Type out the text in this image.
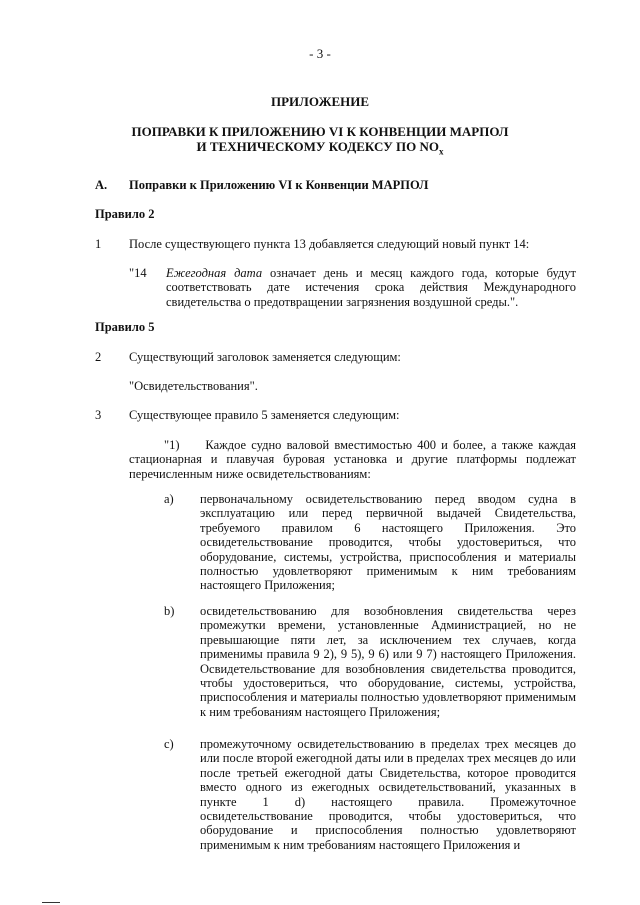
- 3 -
ПРИЛОЖЕНИЕ
ПОПРАВКИ К ПРИЛОЖЕНИЮ VI К КОНВЕНЦИИ МАРПОЛ
И ТЕХНИЧЕСКОМУ КОДЕКСУ ПО $NO_x$
A. Поправки к Приложению VI к Конвенции МАРПОЛ
Правило 2
1 После существующего пункта 13 добавляется следующий новый пункт 14:
"14 Ежегодная дата означает день и месяц каждого года, которые будут соответствовать дате истечения срока действия Международного свидетельства о предотвращении загрязнения воздушной среды.".
Правило 5
2 Существующий заголовок заменяется следующим:
"Освидетельствования".
3 Существующее правило 5 заменяется следующим:
"1) Каждое судно валовой вместимостью 400 и более, а также каждая стационарная и плавучая буровая установка и другие платформы подлежат перечисленным ниже освидетельствованиям:
a) первоначальному освидетельствованию перед вводом судна в эксплуатацию или перед первичной выдачей Свидетельства, требуемого правилом 6 настоящего Приложения. Это освидетельствование проводится, чтобы удостовериться, что оборудование, системы, устройства, приспособления и материалы полностью удовлетворяют применимым к ним требованиям настоящего Приложения;
b) освидетельствованию для возобновления свидетельства через промежутки времени, установленные Администрацией, но не превышающие пяти лет, за исключением тех случаев, когда применимы правила 9 2), 9 5), 9 6) или 9 7) настоящего Приложения. Освидетельствование для возобновления свидетельства проводится, чтобы удостовериться, что оборудование, системы, устройства, приспособления и материалы полностью удовлетворяют применимым к ним требованиям настоящего Приложения;
c) промежуточному освидетельствованию в пределах трех месяцев до или после второй ежегодной даты или в пределах трех месяцев до или после третьей ежегодной даты Свидетельства, которое проводится вместо одного из ежегодных освидетельствований, указанных в пункте 1 d) настоящего правила. Промежуточное освидетельствование проводится, чтобы удостовериться, что оборудование и приспособления полностью удовлетворяют применимым к ним требованиям настоящего Приложения и
